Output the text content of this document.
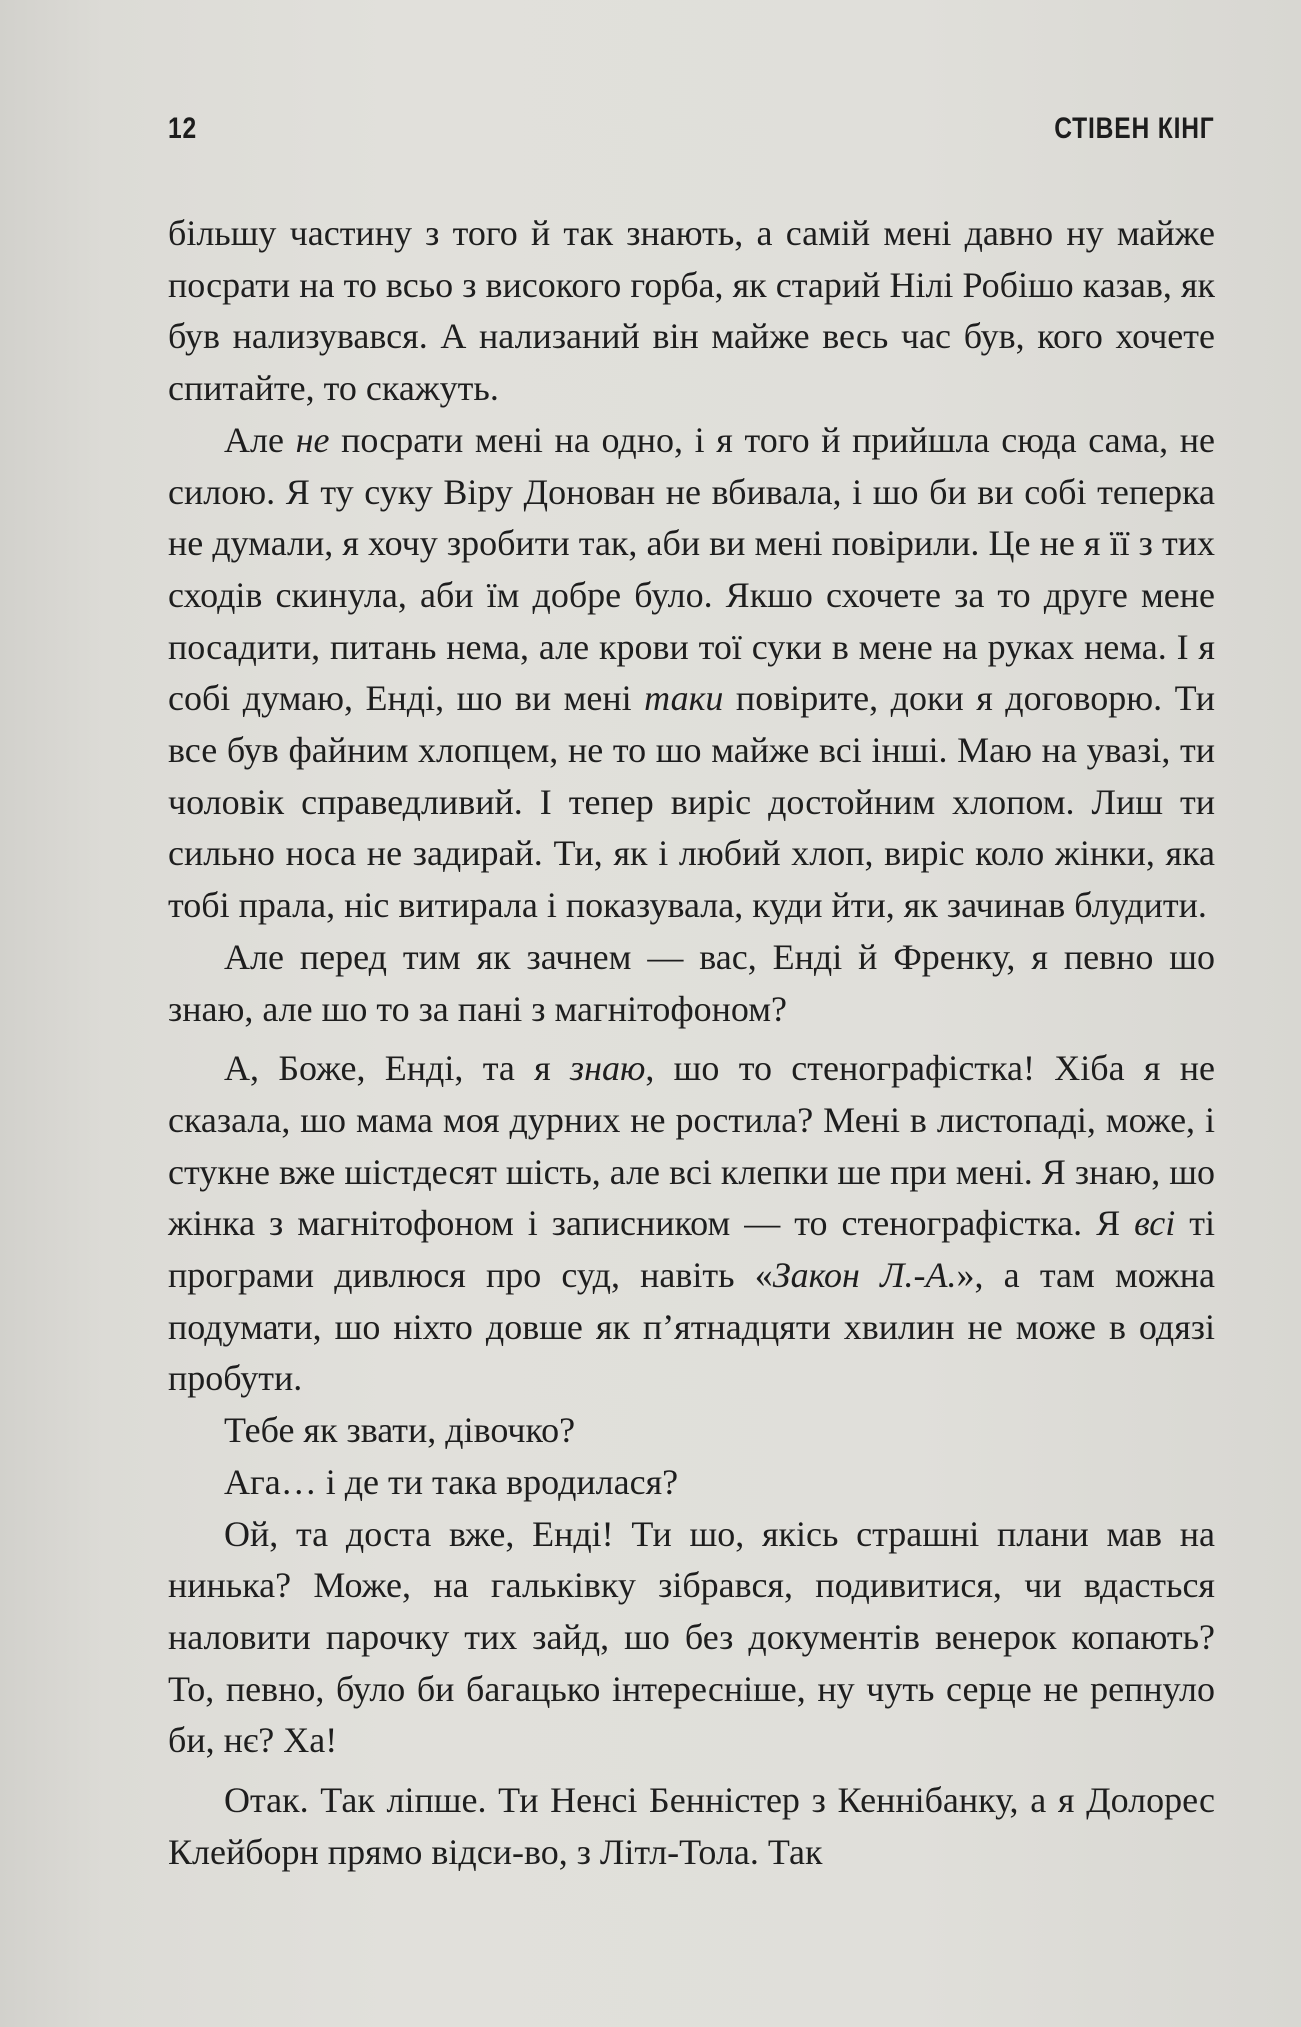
12	СТІВЕН КІНГ

більшу частину з того й так знають, а самій мені давно ну майже посрати на то всьо з високого горба, як старий Нілі Робішо казав, як був нализувався. А нализаний він майже весь час був, кого хочете спитайте, то скажуть.

Але не посрати мені на одно, і я того й прийшла сюда сама, не силою. Я ту суку Віру Донован не вбивала, і шо би ви собі теперка не думали, я хочу зробити так, аби ви мені повірили. Це не я її з тих сходів скинула, аби їм добре було. Якшо схочете за то друге мене посадити, питань нема, але крови тої суки в мене на руках нема. І я собі думаю, Енді, шо ви мені таки повірите, доки я договорю. Ти все був файним хлопцем, не то шо майже всі інші. Маю на увазі, ти чоловік справедливий. І тепер виріс достойним хлопом. Лиш ти сильно носа не задирай. Ти, як і любий хлоп, виріс коло жінки, яка тобі прала, ніс витирала і показувала, куди йти, як зачинав блудити.

Але перед тим як зачнем — вас, Енді й Френку, я певно шо знаю, але шо то за пані з магнітофоном?

А, Боже, Енді, та я знаю, шо то стенографістка! Хіба я не сказала, шо мама моя дурних не ростила? Мені в листопаді, може, і стукне вже шістдесят шість, але всі клепки ше при мені. Я знаю, шо жінка з магнітофоном і записником — то стенографістка. Я всі ті програми дивлюся про суд, навіть «Закон Л.-А.», а там можна подумати, шо ніхто довше як п’ятнадцяти хвилин не може в одязі пробути.

Тебе як звати, дівочко?

Ага… і де ти така вродилася?

Ой, та доста вже, Енді! Ти шо, якісь страшні плани мав на нинька? Може, на гальківку зібрався, подивитися, чи вдасться наловити парочку тих зайд, шо без документів венерок копають? То, певно, було би багацько інтересніше, ну чуть серце не репнуло би, нє? Ха!

Отак. Так ліпше. Ти Ненсі Бенністер з Кеннібанку, а я Долорес Клейборн прямо відси-во, з Літл-Тола. Так
